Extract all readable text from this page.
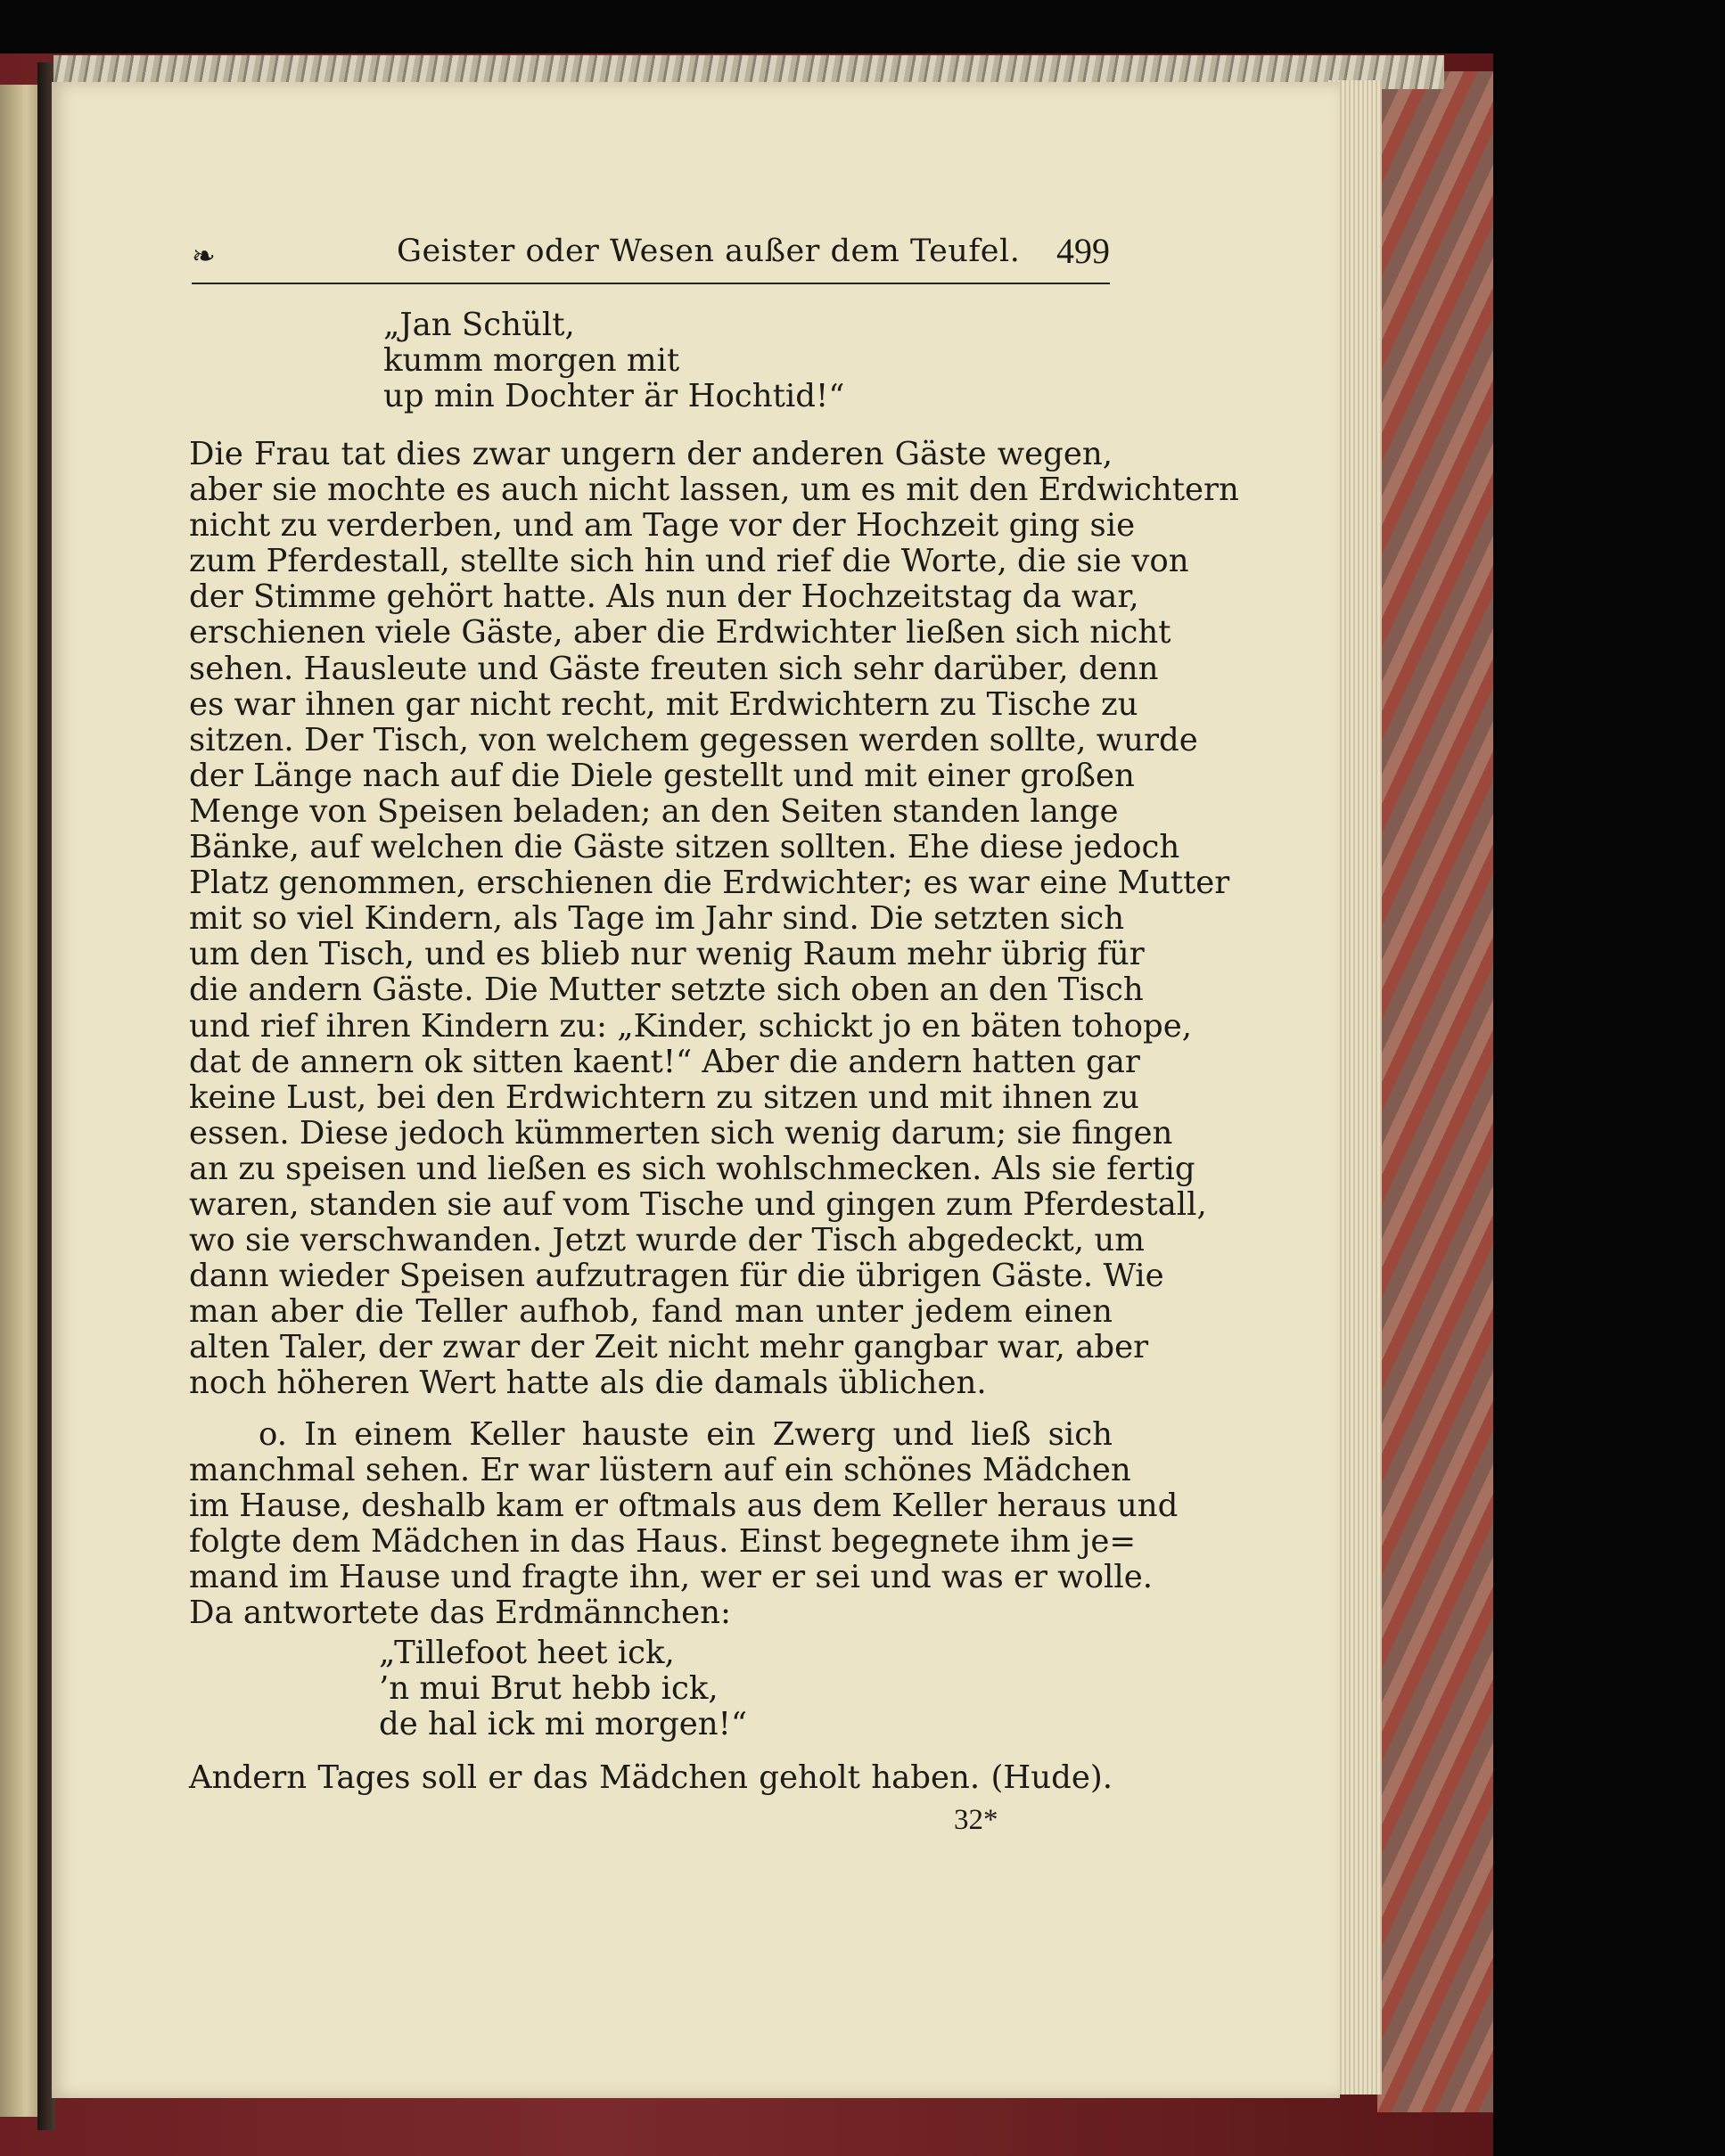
❧	Geister oder Wesen außer dem Teufel. 499
„Jan Schült,
kumm morgen mit
up min Dochter är Hochtid!“
Die Frau tat dies zwar ungern der anderen Gäste wegen,
aber sie mochte es auch nicht lassen, um es mit den Erdwichtern
nicht zu verderben, und am Tage vor der Hochzeit ging sie
zum Pferdestall, stellte sich hin und rief die Worte, die sie von
der Stimme gehört hatte. Als nun der Hochzeitstag da war,
erschienen viele Gäste, aber die Erdwichter ließen sich nicht
sehen. Hausleute und Gäste freuten sich sehr darüber, denn
es war ihnen gar nicht recht, mit Erdwichtern zu Tische zu
sitzen. Der Tisch, von welchem gegessen werden sollte, wurde
der Länge nach auf die Diele gestellt und mit einer großen
Menge von Speisen beladen; an den Seiten standen lange
Bänke, auf welchen die Gäste sitzen sollten. Ehe diese jedoch
Platz genommen, erschienen die Erdwichter; es war eine Mutter
mit so viel Kindern, als Tage im Jahr sind. Die setzten sich
um den Tisch, und es blieb nur wenig Raum mehr übrig für
die andern Gäste. Die Mutter setzte sich oben an den Tisch
und rief ihren Kindern zu: „Kinder, schickt jo en bäten tohope,
dat de annern ok sitten kaent!“ Aber die andern hatten gar
keine Lust, bei den Erdwichtern zu sitzen und mit ihnen zu
essen. Diese jedoch kümmerten sich wenig darum; sie fingen
an zu speisen und ließen es sich wohlschmecken. Als sie fertig
waren, standen sie auf vom Tische und gingen zum Pferdestall,
wo sie verschwanden. Jetzt wurde der Tisch abgedeckt, um
dann wieder Speisen aufzutragen für die übrigen Gäste. Wie
man aber die Teller aufhob, fand man unter jedem einen
alten Taler, der zwar der Zeit nicht mehr gangbar war, aber
noch höheren Wert hatte als die damals üblichen.
o. In einem Keller hauste ein Zwerg und ließ sich
manchmal sehen. Er war lüstern auf ein schönes Mädchen
im Hause, deshalb kam er oftmals aus dem Keller heraus und
folgte dem Mädchen in das Haus. Einst begegnete ihm je=
mand im Hause und fragte ihn, wer er sei und was er wolle.
Da antwortete das Erdmännchen:
„Tillefoot heet ick,
’n mui Brut hebb ick,
de hal ick mi morgen!“
Andern Tages soll er das Mädchen geholt haben. (Hude).
32*
